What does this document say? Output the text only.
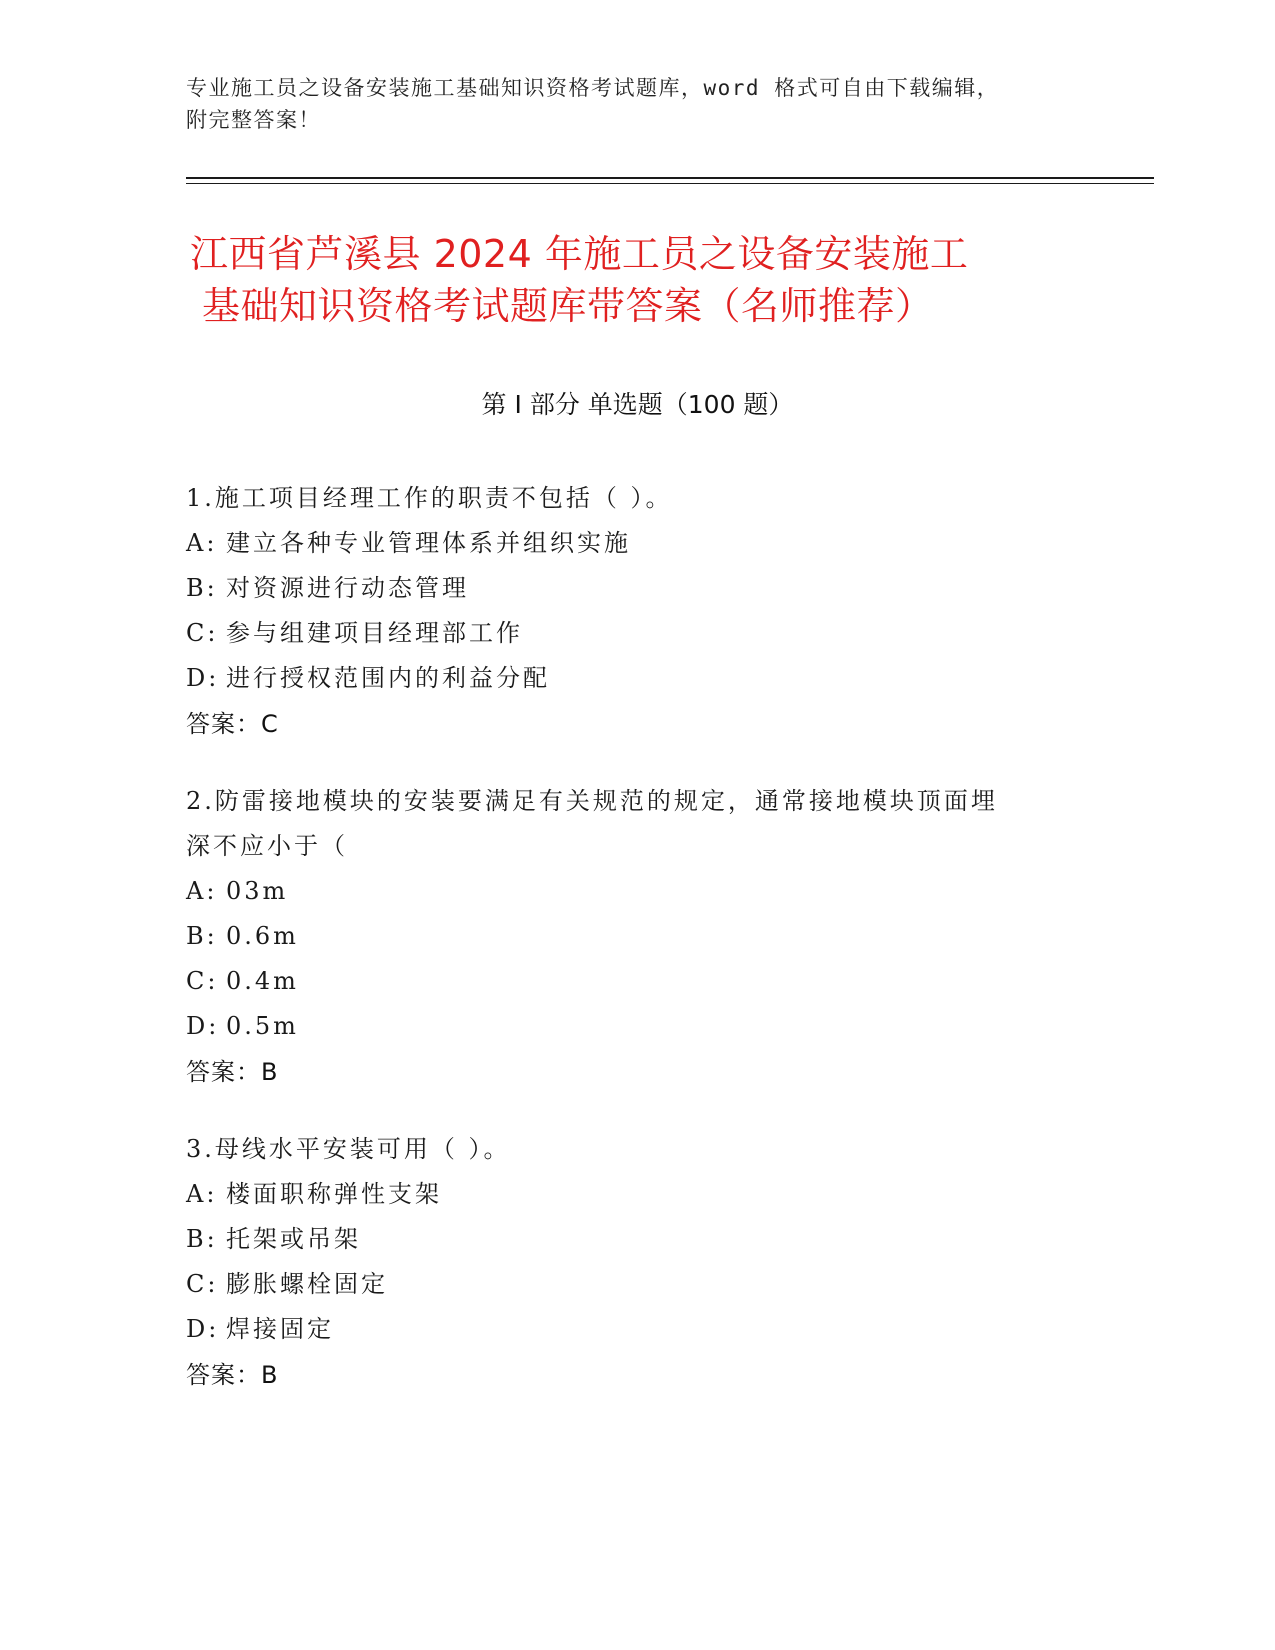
专业施工员之设备安装施工基础知识资格考试题库，word 格式可自由下载编辑，
附完整答案！
江西省芦溪县 2024 年施工员之设备安装施工
基础知识资格考试题库带答案（名师推荐）
第 I 部分 单选题（100 题）
1.施工项目经理工作的职责不包括（ ）。
A: 建立各种专业管理体系并组织实施
B: 对资源进行动态管理
C: 参与组建项目经理部工作
D: 进行授权范围内的利益分配
答案：C
2.防雷接地模块的安装要满足有关规范的规定，通常接地模块顶面埋
深不应小于（
A: 03m
B: 0.6m
C: 0.4m
D: 0.5m
答案：B
3.母线水平安装可用（ ）。
A: 楼面职称弹性支架
B: 托架或吊架
C: 膨胀螺栓固定
D: 焊接固定
答案：B
